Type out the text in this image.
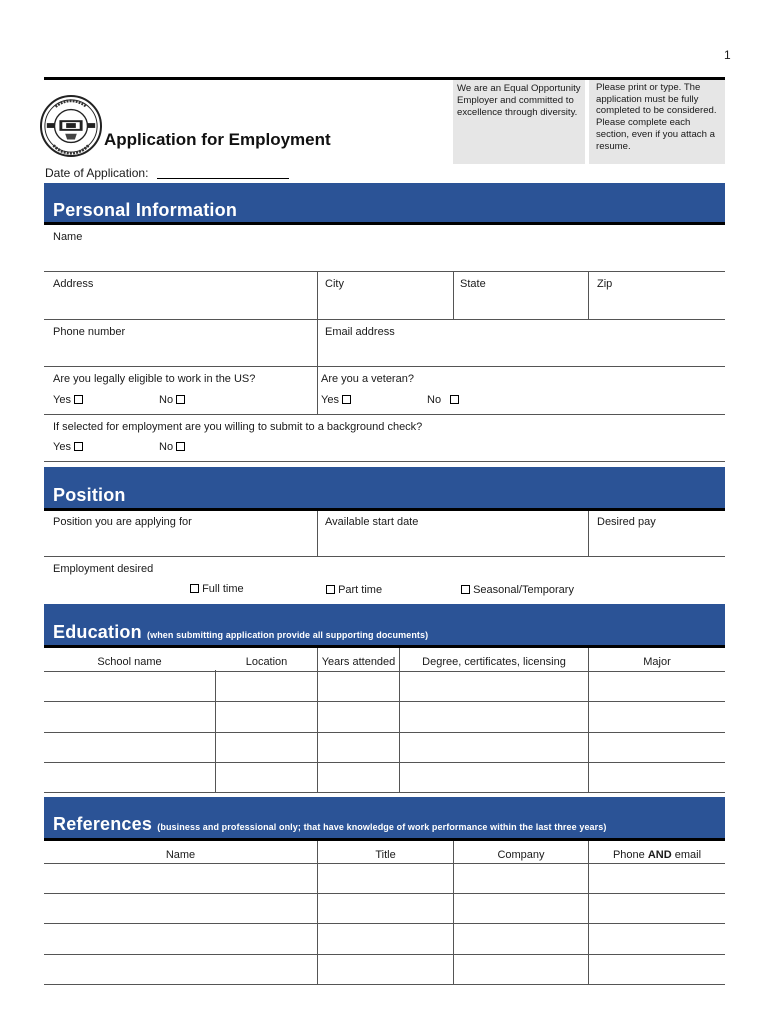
1
Application for Employment
Date of Application:
We are an Equal Opportunity Employer and committed to excellence through diversity.
Please print or type. The application must be fully completed to be considered. Please complete each section, even if you attach a resume.
Personal Information
Name
Address	City	State	Zip
Phone number	Email address
Are you legally eligible to work in the US?
Yes	No
Are you a veteran?
Yes	No
If selected for employment are you willing to submit to a background check?
Yes	No
Position
Position you are applying for	Available start date	Desired pay
Employment desired
Full time	Part time	Seasonal/Temporary
Education (when submitting application provide all supporting documents)
School name	Location	Years attended	Degree, certificates, licensing	Major
References (business and professional only; that have knowledge of work performance within the last three years)
Name	Title	Company	Phone AND email
